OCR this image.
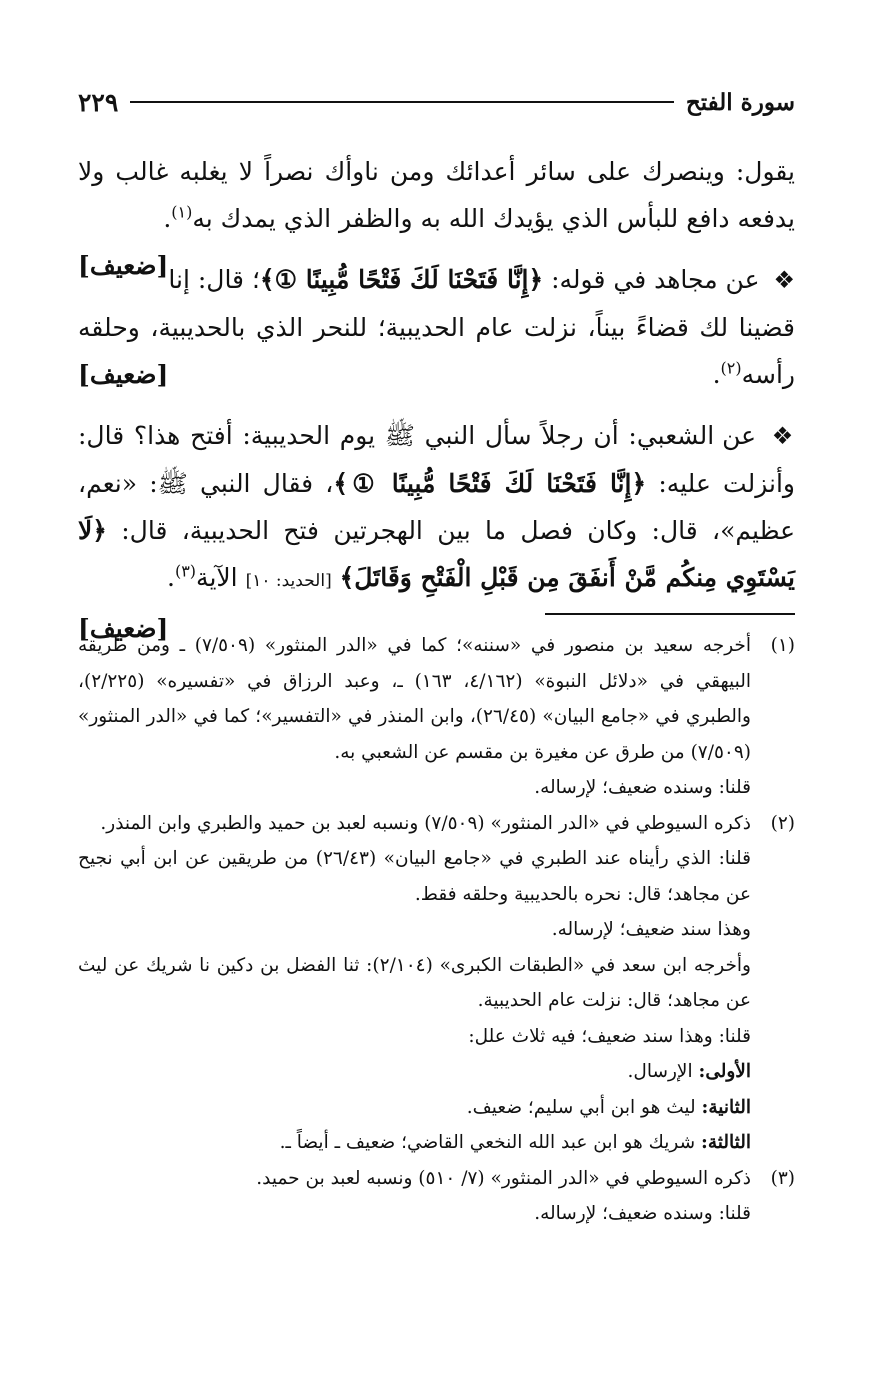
سورة الفتح
٢٢٩

يقول: وينصرك على سائر أعدائك ومن ناوأك نصراً لا يغلبه غالب ولا يدفعه دافع للبأس الذي يؤيدك الله به والظفر الذي يمدك به$^{(١)}$.
[ضعيف]	❖ عن مجاهد في قوله: ﴿إِنَّا فَتَحْنَا لَكَ فَتْحًا مُّبِينًا ①﴾؛ قال: إنا قضينا لك قضاءً بيناً، نزلت عام الحديبية؛ للنحر الذي بالحديبية، وحلقه رأسه$^{(٢)}$.
[ضعيف]

❖ عن الشعبي: أن رجلاً سأل النبي ﷺ يوم الحديبية: أفتح هذا؟ قال: وأنزلت عليه: ﴿إِنَّا فَتَحْنَا لَكَ فَتْحًا مُّبِينًا ①﴾، فقال النبي ﷺ: «نعم، عظيم»، قال: وكان فصل ما بين الهجرتين فتح الحديبية، قال: ﴿لَا يَسْتَوِي مِنكُم مَّنْ أَنفَقَ مِن قَبْلِ الْفَتْحِ وَقَاتَلَ﴾ [الحديد: ١٠] الآية$^{(٣)}$.
[ضعيف]

(١)
أخرجه سعيد بن منصور في «سننه»؛ كما في «الدر المنثور» (٧/٥٠٩) ـ ومن طريقه البيهقي في «دلائل النبوة» (٤/١٦٢، ١٦٣) ـ، وعبد الرزاق في «تفسيره» (٢/٢٢٥)، والطبري في «جامع البيان» (٢٦/٤٥)، وابن المنذر في «التفسير»؛ كما في «الدر المنثور» (٧/٥٠٩) من طرق عن مغيرة بن مقسم عن الشعبي به.

قلنا: وسنده ضعيف؛ لإرساله.

(٢)
ذكره السيوطي في «الدر المنثور» (٧/٥٠٩) ونسبه لعبد بن حميد والطبري وابن المنذر.

قلنا: الذي رأيناه عند الطبري في «جامع البيان» (٢٦/٤٣) من طريقين عن ابن أبي نجيح عن مجاهد؛ قال: نحره بالحديبية وحلقه فقط.

وهذا سند ضعيف؛ لإرساله.

وأخرجه ابن سعد في «الطبقات الكبرى» (٢/١٠٤): ثنا الفضل بن دكين نا شريك عن ليث عن مجاهد؛ قال: نزلت عام الحديبية.

قلنا: وهذا سند ضعيف؛ فيه ثلاث علل:

الأولى: الإرسال.

الثانية: ليث هو ابن أبي سليم؛ ضعيف.

الثالثة: شريك هو ابن عبد الله النخعي القاضي؛ ضعيف ـ أيضاً ـ.

(٣)
ذكره السيوطي في «الدر المنثور» (٧/ ٥١٠) ونسبه لعبد بن حميد.

قلنا: وسنده ضعيف؛ لإرساله.
